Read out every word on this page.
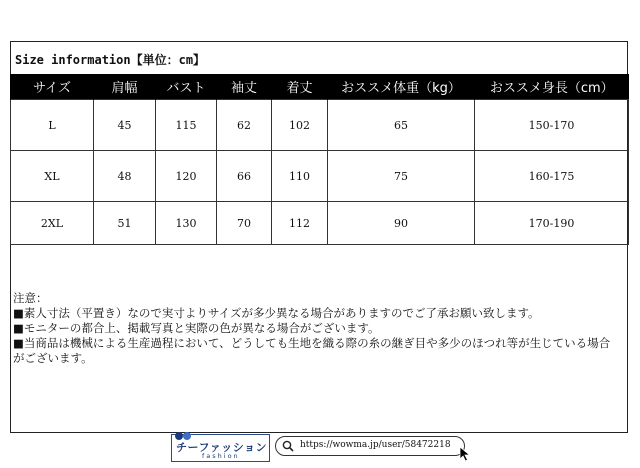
Size information【単位：cm】
サイズ	肩幅	バスト	袖丈	着丈	おススメ体重（kg）	おススメ身長（cm）
L	45	115	62	102	65	150-170
XL	48	120	66	110	75	160-175
2XL	51	130	70	112	90	170-190
注意：
■素人寸法（平置き）なので実寸よりサイズが多少異なる場合がありますのでご了承お願い致します。
■モニターの都合上、掲載写真と実際の色が異なる場合がございます。
■当商品は機械による生産過程において、どうしても生地を織る際の糸の継ぎ目や多少のほつれ等が生じている場合がございます。
チーファッション
fashion
https://wowma.jp/user/58472218
